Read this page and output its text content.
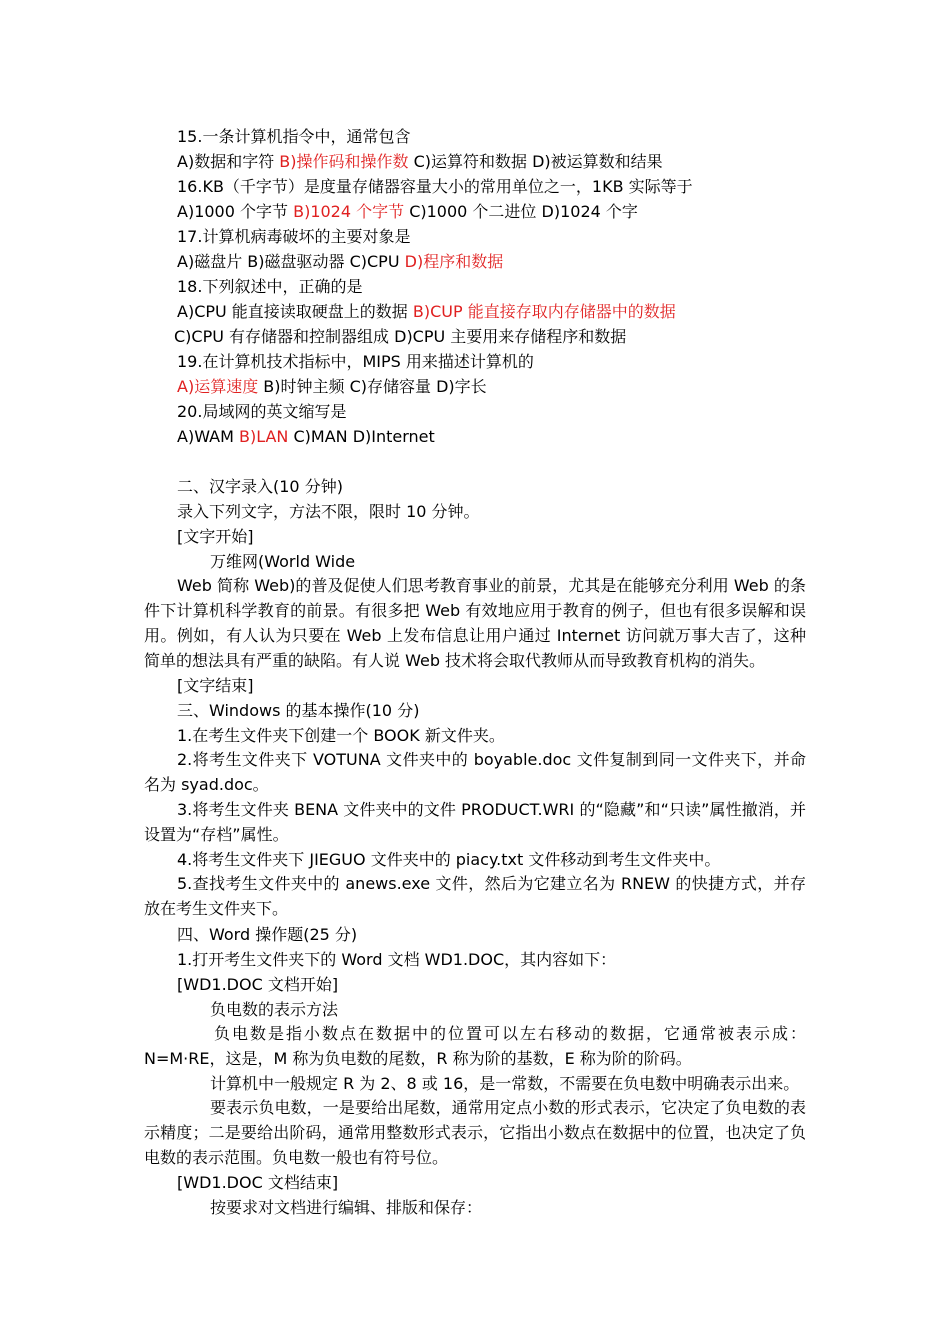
15.一条计算机指令中，通常包含
A)数据和字符 B)操作码和操作数 C)运算符和数据 D)被运算数和结果
16.KB（千字节）是度量存储器容量大小的常用单位之一，1KB 实际等于
A)1000 个字节 B)1024 个字节 C)1000 个二进位 D)1024 个字
17.计算机病毒破坏的主要对象是
A)磁盘片 B)磁盘驱动器 C)CPU D)程序和数据
18.下列叙述中，正确的是
A)CPU 能直接读取硬盘上的数据 B)CUP 能直接存取内存储器中的数据
C)CPU 有存储器和控制器组成 D)CPU 主要用来存储程序和数据
19.在计算机技术指标中，MIPS 用来描述计算机的
A)运算速度 B)时钟主频 C)存储容量 D)字长
20.局域网的英文缩写是
A)WAM B)LAN C)MAN D)Internet
二、汉字录入(10 分钟)
录入下列文字，方法不限，限时 10 分钟。
[文字开始]
万维网(World Wide
Web 简称 Web)的普及促使人们思考教育事业的前景，尤其是在能够充分利用 Web 的条件下计算机科学教育的前景。有很多把 Web 有效地应用于教育的例子，但也有很多误解和误用。例如，有人认为只要在 Web 上发布信息让用户通过 Internet 访问就万事大吉了，这种简单的想法具有严重的缺陷。有人说 Web 技术将会取代教师从而导致教育机构的消失。
[文字结束]
三、Windows 的基本操作(10 分)
1.在考生文件夹下创建一个 BOOK 新文件夹。
2.将考生文件夹下 VOTUNA 文件夹中的 boyable.doc 文件复制到同一文件夹下，并命名为 syad.doc。
3.将考生文件夹 BENA 文件夹中的文件 PRODUCT.WRI 的“隐藏”和“只读”属性撤消，并设置为“存档”属性。
4.将考生文件夹下 JIEGUO 文件夹中的 piacy.txt 文件移动到考生文件夹中。
5.查找考生文件夹中的 anews.exe 文件，然后为它建立名为 RNEW 的快捷方式，并存放在考生文件夹下。
四、Word 操作题(25 分)
1.打开考生文件夹下的 Word 文档 WD1.DOC，其内容如下：
[WD1.DOC 文档开始]
负电数的表示方法
负电数是指小数点在数据中的位置可以左右移动的数据，它通常被表示成：N=M·RE，这是，M 称为负电数的尾数，R 称为阶的基数，E 称为阶的阶码。
计算机中一般规定 R 为 2、8 或 16，是一常数，不需要在负电数中明确表示出来。
要表示负电数，一是要给出尾数，通常用定点小数的形式表示，它决定了负电数的表示精度；二是要给出阶码，通常用整数形式表示，它指出小数点在数据中的位置，也决定了负电数的表示范围。负电数一般也有符号位。
[WD1.DOC 文档结束]
按要求对文档进行编辑、排版和保存：
